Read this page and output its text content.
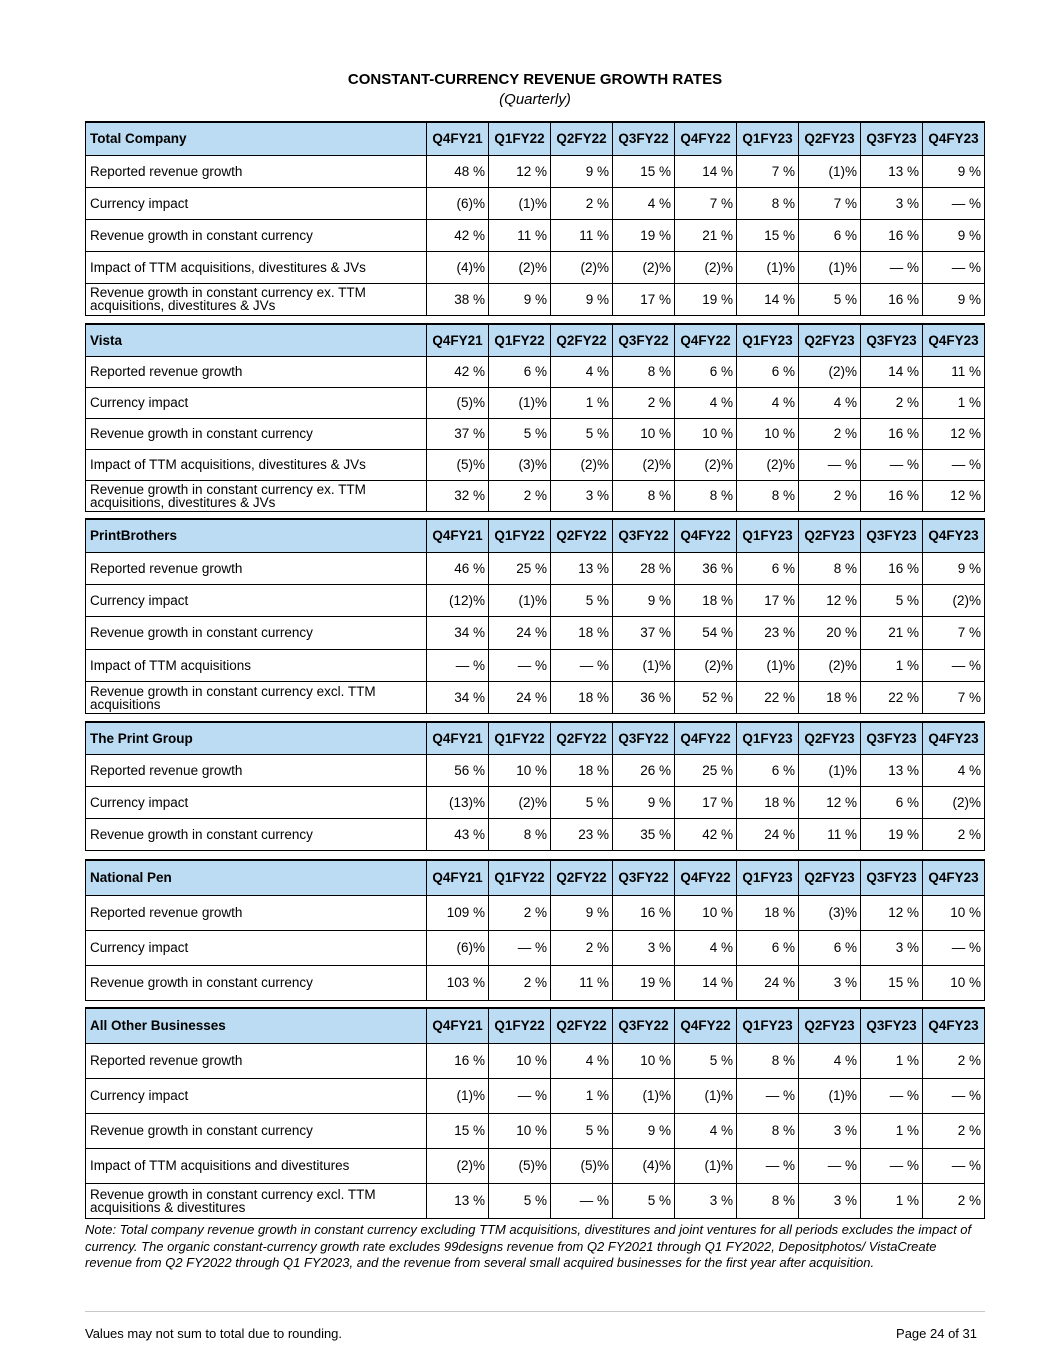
CONSTANT-CURRENCY REVENUE GROWTH RATES
(Quarterly)
Total Company	Q4FY21	Q1FY22	Q2FY22	Q3FY22	Q4FY22	Q1FY23	Q2FY23	Q3FY23	Q4FY23
Reported revenue growth	48 %	12 %	9 %	15 %	14 %	7 %	(1)%	13 %	9 %
Currency impact	(6)%	(1)%	2 %	4 %	7 %	8 %	7 %	3 %	— %
Revenue growth in constant currency	42 %	11 %	11 %	19 %	21 %	15 %	6 %	16 %	9 %
Impact of TTM acquisitions, divestitures & JVs	(4)%	(2)%	(2)%	(2)%	(2)%	(1)%	(1)%	— %	— %
Revenue growth in constant currency ex. TTM acquisitions, divestitures & JVs	38 %	9 %	9 %	17 %	19 %	14 %	5 %	16 %	9 %
Vista	Q4FY21	Q1FY22	Q2FY22	Q3FY22	Q4FY22	Q1FY23	Q2FY23	Q3FY23	Q4FY23
Reported revenue growth	42 %	6 %	4 %	8 %	6 %	6 %	(2)%	14 %	11 %
Currency impact	(5)%	(1)%	1 %	2 %	4 %	4 %	4 %	2 %	1 %
Revenue growth in constant currency	37 %	5 %	5 %	10 %	10 %	10 %	2 %	16 %	12 %
Impact of TTM acquisitions, divestitures & JVs	(5)%	(3)%	(2)%	(2)%	(2)%	(2)%	— %	— %	— %
Revenue growth in constant currency ex. TTM acquisitions, divestitures & JVs	32 %	2 %	3 %	8 %	8 %	8 %	2 %	16 %	12 %
PrintBrothers	Q4FY21	Q1FY22	Q2FY22	Q3FY22	Q4FY22	Q1FY23	Q2FY23	Q3FY23	Q4FY23
Reported revenue growth	46 %	25 %	13 %	28 %	36 %	6 %	8 %	16 %	9 %
Currency impact	(12)%	(1)%	5 %	9 %	18 %	17 %	12 %	5 %	(2)%
Revenue growth in constant currency	34 %	24 %	18 %	37 %	54 %	23 %	20 %	21 %	7 %
Impact of TTM acquisitions	— %	— %	— %	(1)%	(2)%	(1)%	(2)%	1 %	— %
Revenue growth in constant currency excl. TTM acquisitions	34 %	24 %	18 %	36 %	52 %	22 %	18 %	22 %	7 %
The Print Group	Q4FY21	Q1FY22	Q2FY22	Q3FY22	Q4FY22	Q1FY23	Q2FY23	Q3FY23	Q4FY23
Reported revenue growth	56 %	10 %	18 %	26 %	25 %	6 %	(1)%	13 %	4 %
Currency impact	(13)%	(2)%	5 %	9 %	17 %	18 %	12 %	6 %	(2)%
Revenue growth in constant currency	43 %	8 %	23 %	35 %	42 %	24 %	11 %	19 %	2 %
National Pen	Q4FY21	Q1FY22	Q2FY22	Q3FY22	Q4FY22	Q1FY23	Q2FY23	Q3FY23	Q4FY23
Reported revenue growth	109 %	2 %	9 %	16 %	10 %	18 %	(3)%	12 %	10 %
Currency impact	(6)%	— %	2 %	3 %	4 %	6 %	6 %	3 %	— %
Revenue growth in constant currency	103 %	2 %	11 %	19 %	14 %	24 %	3 %	15 %	10 %
All Other Businesses	Q4FY21	Q1FY22	Q2FY22	Q3FY22	Q4FY22	Q1FY23	Q2FY23	Q3FY23	Q4FY23
Reported revenue growth	16 %	10 %	4 %	10 %	5 %	8 %	4 %	1 %	2 %
Currency impact	(1)%	— %	1 %	(1)%	(1)%	— %	(1)%	— %	— %
Revenue growth in constant currency	15 %	10 %	5 %	9 %	4 %	8 %	3 %	1 %	2 %
Impact of TTM acquisitions and divestitures	(2)%	(5)%	(5)%	(4)%	(1)%	— %	— %	— %	— %
Revenue growth in constant currency excl. TTM acquisitions & divestitures	13 %	5 %	— %	5 %	3 %	8 %	3 %	1 %	2 %
Note: Total company revenue growth in constant currency excluding TTM acquisitions, divestitures and joint ventures for all periods excludes the impact of currency. The organic constant-currency growth rate excludes 99designs revenue from Q2 FY2021 through Q1 FY2022, Depositphotos/ VistaCreate revenue from Q2 FY2022 through Q1 FY2023, and the revenue from several small acquired businesses for the first year after acquisition.
Values may not sum to total due to rounding.	Page 24 of 31
